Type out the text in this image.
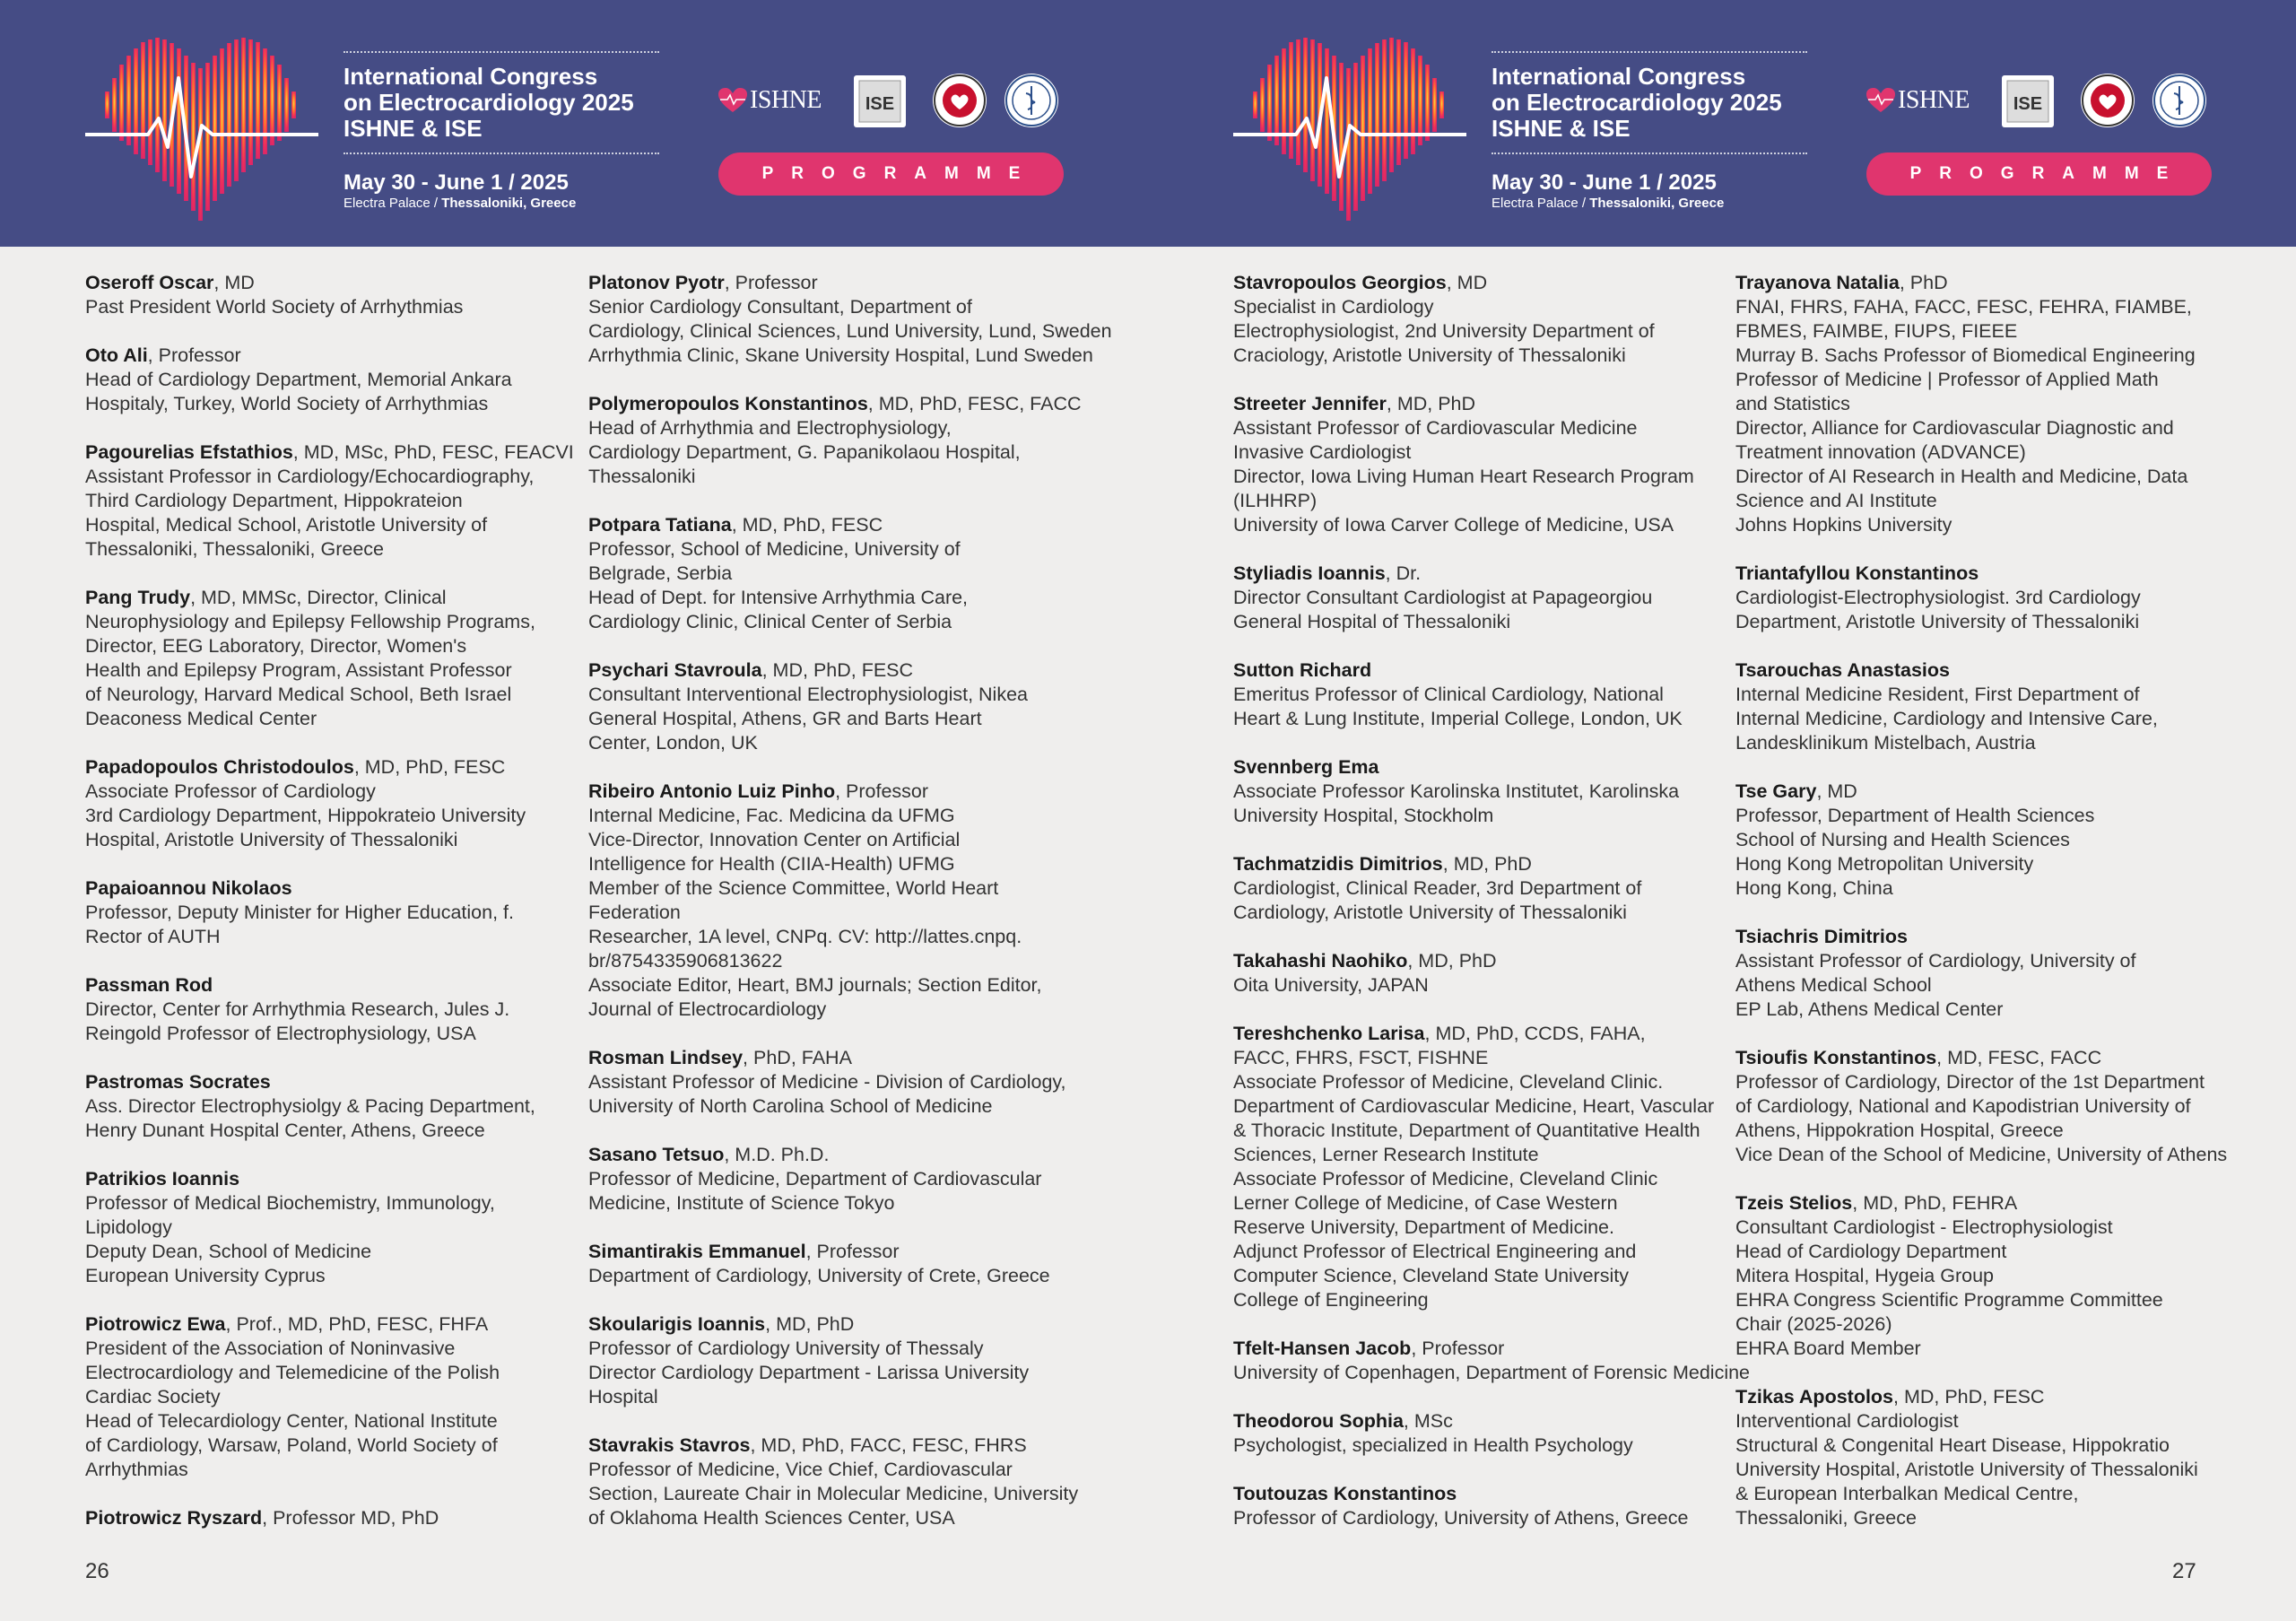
International Congress
on Electrocardiology 2025
ISHNE & ISE
May 30 - June 1 / 2025
Electra Palace / Thessaloniki, Greece
ISHNE ISE
PROGRAMME
Oseroff Oscar, MD
Past President World Society of Arrhythmias
Oto Ali, Professor
Head of Cardiology Department, Memorial Ankara
Hospitaly, Turkey, World Society of Arrhythmias
Pagourelias Efstathios, MD, MSc, PhD, FESC, FEACVI
Assistant Professor in Cardiology/Echocardiography,
Third Cardiology Department, Hippokrateion
Hospital, Medical School, Aristotle University of
Thessaloniki, Thessaloniki, Greece
Pang Trudy, MD, MMSc, Director, Clinical
Neurophysiology and Epilepsy Fellowship Programs,
Director, EEG Laboratory, Director, Women's
Health and Epilepsy Program, Assistant Professor
of Neurology, Harvard Medical School, Beth Israel
Deaconess Medical Center
Papadopoulos Christodoulos, MD, PhD, FESC
Associate Professor of Cardiology
3rd Cardiology Department, Hippokrateio University
Hospital, Aristotle University of Thessaloniki
Papaioannou Nikolaos
Professor, Deputy Minister for Higher Education, f.
Rector of AUTH
Passman Rod
Director, Center for Arrhythmia Research, Jules J.
Reingold Professor of Electrophysiology, USA
Pastromas Socrates
Ass. Director Electrophysiolgy & Pacing Department,
Henry Dunant Hospital Center, Athens, Greece
Patrikios Ioannis
Professor of Medical Biochemistry, Immunology,
Lipidology
Deputy Dean, School of Medicine
European University Cyprus
Piotrowicz Ewa, Prof., MD, PhD, FESC, FHFA
President of the Association of Noninvasive
Electrocardiology and Telemedicine of the Polish
Cardiac Society
Head of Telecardiology Center, National Institute
of Cardiology, Warsaw, Poland, World Society of
Arrhythmias
Piotrowicz Ryszard, Professor MD, PhD
Platonov Pyotr, Professor
Senior Cardiology Consultant, Department of
Cardiology, Clinical Sciences, Lund University, Lund, Sweden
Arrhythmia Clinic, Skane University Hospital, Lund Sweden
Polymeropoulos Konstantinos, MD, PhD, FESC, FACC
Head of Arrhythmia and Electrophysiology,
Cardiology Department, G. Papanikolaou Hospital,
Thessaloniki
Potpara Tatiana, MD, PhD, FESC
Professor, School of Medicine, University of
Belgrade, Serbia
Head of Dept. for Intensive Arrhythmia Care,
Cardiology Clinic, Clinical Center of Serbia
Psychari Stavroula, MD, PhD, FESC
Consultant Interventional Electrophysiologist, Nikea
General Hospital, Athens, GR and Barts Heart
Center, London, UK
Ribeiro Antonio Luiz Pinho, Professor
Internal Medicine, Fac. Medicina da UFMG
Vice-Director, Innovation Center on Artificial
Intelligence for Health (CIIA-Health) UFMG
Member of the Science Committee, World Heart
Federation
Researcher, 1A level, CNPq. CV: http://lattes.cnpq.
br/8754335906813622
Associate Editor, Heart, BMJ journals; Section Editor,
Journal of Electrocardiology
Rosman Lindsey, PhD, FAHA
Assistant Professor of Medicine - Division of Cardiology,
University of North Carolina School of Medicine
Sasano Tetsuo, M.D. Ph.D.
Professor of Medicine, Department of Cardiovascular
Medicine, Institute of Science Tokyo
Simantirakis Emmanuel, Professor
Department of Cardiology, University of Crete, Greece
Skoularigis Ioannis, MD, PhD
Professor of Cardiology University of Thessaly
Director Cardiology Department - Larissa University
Hospital
Stavrakis Stavros, MD, PhD, FACC, FESC, FHRS
Professor of Medicine, Vice Chief, Cardiovascular
Section, Laureate Chair in Molecular Medicine, University
of Oklahoma Health Sciences Center, USA
26
International Congress
on Electrocardiology 2025
ISHNE & ISE
May 30 - June 1 / 2025
Electra Palace / Thessaloniki, Greece
ISHNE ISE
PROGRAMME
Stavropoulos Georgios, MD
Specialist in Cardiology
Electrophysiologist, 2nd University Department of
Craciology, Aristotle University of Thessaloniki
Streeter Jennifer, MD, PhD
Assistant Professor of Cardiovascular Medicine
Invasive Cardiologist
Director, Iowa Living Human Heart Research Program
(ILHHRP)
University of Iowa Carver College of Medicine, USA
Styliadis Ioannis, Dr.
Director Consultant Cardiologist at Papageorgiou
General Hospital of Thessaloniki
Sutton Richard
Emeritus Professor of Clinical Cardiology, National
Heart & Lung Institute, Imperial College, London, UK
Svennberg Ema
Associate Professor Karolinska Institutet, Karolinska
University Hospital, Stockholm
Tachmatzidis Dimitrios, MD, PhD
Cardiologist, Clinical Reader, 3rd Department of
Cardiology, Aristotle University of Thessaloniki
Takahashi Naohiko, MD, PhD
Oita University, JAPAN
Tereshchenko Larisa, MD, PhD, CCDS, FAHA,
FACC, FHRS, FSCT, FISHNE
Associate Professor of Medicine, Cleveland Clinic.
Department of Cardiovascular Medicine, Heart, Vascular
& Thoracic Institute, Department of Quantitative Health
Sciences, Lerner Research Institute
Associate Professor of Medicine, Cleveland Clinic
Lerner College of Medicine, of Case Western
Reserve University, Department of Medicine.
Adjunct Professor of Electrical Engineering and
Computer Science, Cleveland State University
College of Engineering
Tfelt-Hansen Jacob, Professor
University of Copenhagen, Department of Forensic Medicine
Theodorou Sophia, MSc
Psychologist, specialized in Health Psychology
Toutouzas Konstantinos
Professor of Cardiology, University of Athens, Greece
Trayanova Natalia, PhD
FNAI, FHRS, FAHA, FACC, FESC, FEHRA, FIAMBE,
FBMES, FAIMBE, FIUPS, FIEEE
Murray B. Sachs Professor of Biomedical Engineering
Professor of Medicine | Professor of Applied Math
and Statistics
Director, Alliance for Cardiovascular Diagnostic and
Treatment innovation (ADVANCE)
Director of AI Research in Health and Medicine, Data
Science and AI Institute
Johns Hopkins University
Triantafyllou Konstantinos
Cardiologist-Electrophysiologist. 3rd Cardiology
Department, Aristotle University of Thessaloniki
Tsarouchas Anastasios
Internal Medicine Resident, First Department of
Internal Medicine, Cardiology and Intensive Care,
Landesklinikum Mistelbach, Austria
Tse Gary, MD
Professor, Department of Health Sciences
School of Nursing and Health Sciences
Hong Kong Metropolitan University
Hong Kong, China
Tsiachris Dimitrios
Assistant Professor of Cardiology, University of
Athens Medical School
EP Lab, Athens Medical Center
Tsioufis Konstantinos, MD, FESC, FACC
Professor of Cardiology, Director of the 1st Department
of Cardiology, National and Kapodistrian University of
Athens, Hippokration Hospital, Greece
Vice Dean of the School of Medicine, University of Athens
Tzeis Stelios, MD, PhD, FEHRA
Consultant Cardiologist - Electrophysiologist
Head of Cardiology Department
Mitera Hospital, Hygeia Group
EHRA Congress Scientific Programme Committee
Chair (2025-2026)
EHRA Board Member
Tzikas Apostolos, MD, PhD, FESC
Interventional Cardiologist
Structural & Congenital Heart Disease, Hippokratio
University Hospital, Aristotle University of Thessaloniki
& European Interbalkan Medical Centre,
Thessaloniki, Greece
27
